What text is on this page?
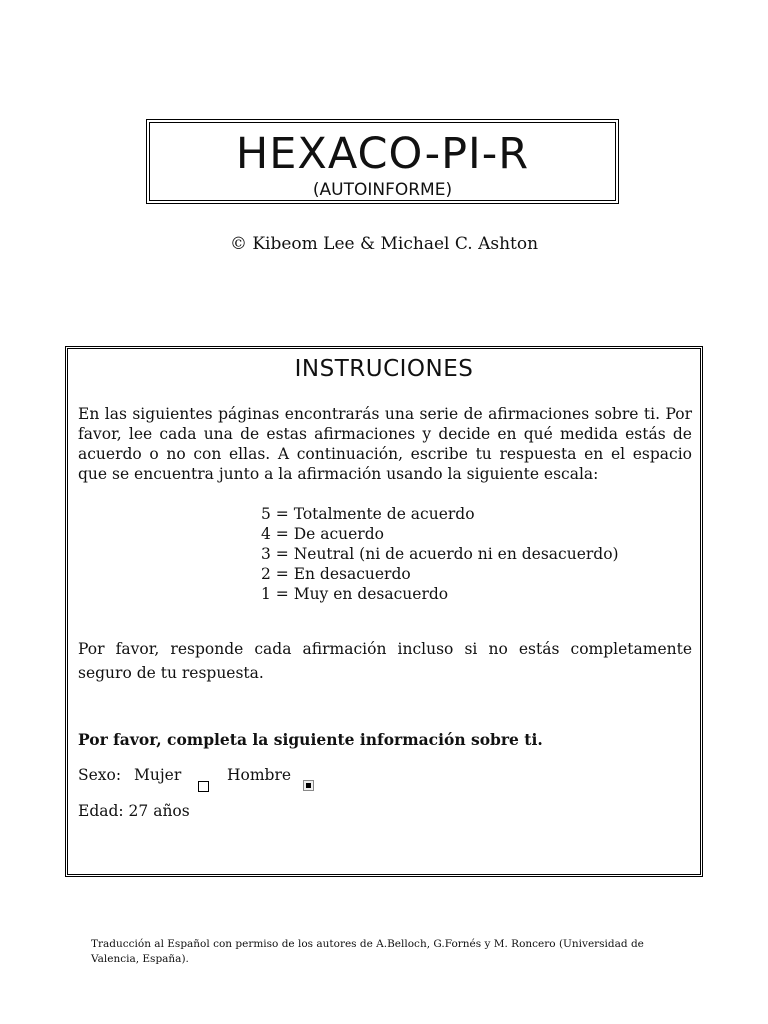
HEXACO-PI-R
(AUTOINFORME)
© Kibeom Lee & Michael C. Ashton
INSTRUCIONES
En las siguientes páginas encontrarás una serie de afirmaciones sobre ti. Por favor, lee cada una de estas afirmaciones y decide en qué medida estás de acuerdo o no con ellas. A continuación, escribe tu respuesta en el espacio que se encuentra junto a la afirmación usando la siguiente escala:
5 = Totalmente de acuerdo
4 = De acuerdo
3 = Neutral (ni de acuerdo ni en desacuerdo)
2 = En desacuerdo
1 = Muy en desacuerdo
Por favor, responde cada afirmación incluso si no estás completamente seguro de tu respuesta.
Por favor, completa la siguiente información sobre ti.
Sexo: Mujer	Hombre
Edad: 27 años
Traducción al Español con permiso de los autores de A.Belloch, G.Fornés y M. Roncero (Universidad de Valencia, España).
